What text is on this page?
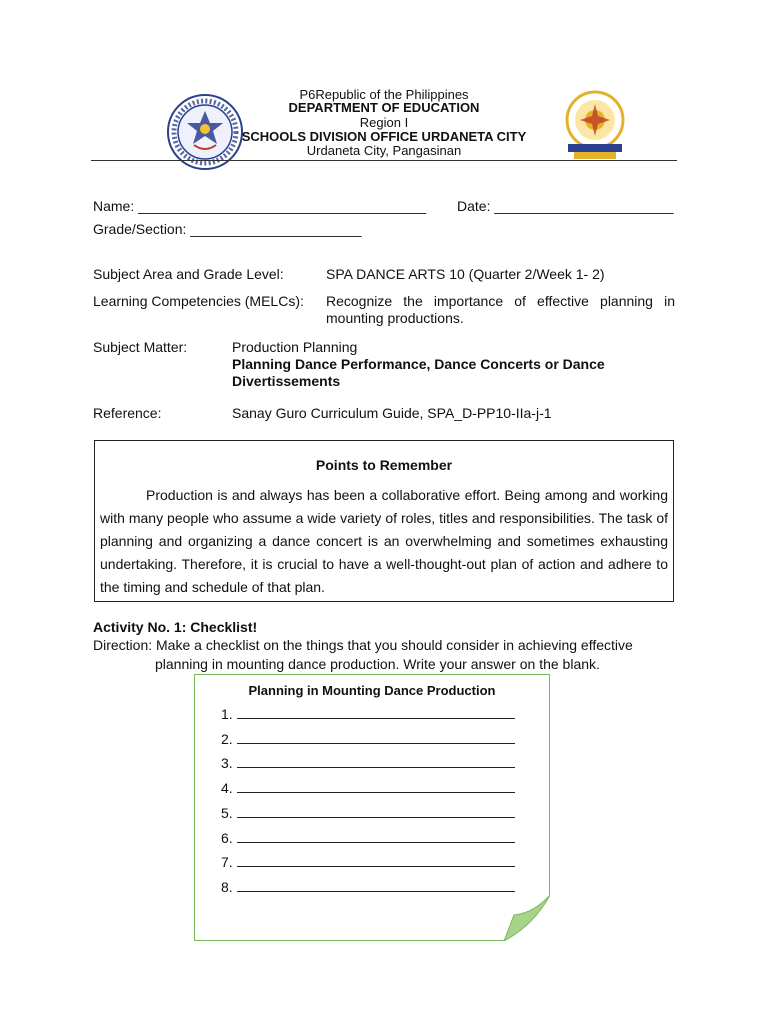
P6Republic of the Philippines
DEPARTMENT OF EDUCATION
Region I
SCHOOLS DIVISION OFFICE URDANETA CITY
Urdaneta City, Pangasinan
Name: _____________________________________ Date: _______________________
Grade/Section: ______________________
Subject Area and Grade Level:	SPA DANCE ARTS 10 (Quarter 2/Week 1- 2)
Learning Competencies (MELCs): Recognize the importance of effective planning in mounting productions.
Subject Matter:	Production Planning
Planning Dance Performance, Dance Concerts or Dance Divertissements
Reference:	Sanay Guro Curriculum Guide, SPA_D-PP10-IIa-j-1
Points to Remember
Production is and always has been a collaborative effort. Being among and working with many people who assume a wide variety of roles, titles and responsibilities. The task of planning and organizing a dance concert is an overwhelming and sometimes exhausting undertaking. Therefore, it is crucial to have a well-thought-out plan of action and adhere to the timing and schedule of that plan.
Activity No. 1: Checklist!
Direction: Make a checklist on the things that you should consider in achieving effective
planning in mounting dance production. Write your answer on the blank.
Planning in Mounting Dance Production
1.
2.
3.
4.
5.
6.
7.
8.
